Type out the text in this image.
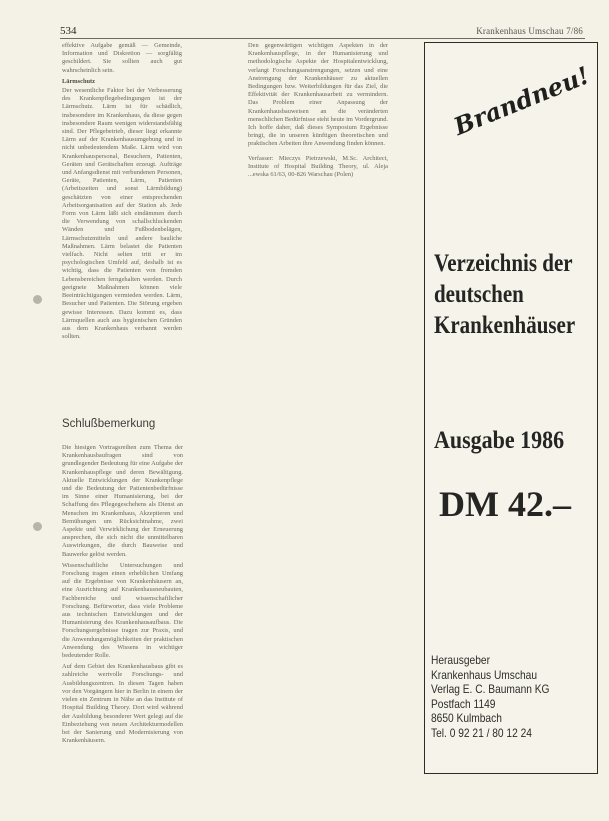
534	Krankenhaus Umschau 7/86

effektive Aufgabe gemäß — Gemeinde, Information und Diskretion — sorgfältig geschildert. Sie sollten auch gut wahrscheinlich sein.

Lärmschutz

Der wesentliche Faktor bei der Verbesserung des Krankenpflegebedingungen ist der Lärmschutz. Lärm ist für schädlich, insbesondere im Krankenhaus, da diese gegen insbesondere Raum wenigen widerstandsfähig sind. Der Pflegebetrieb, dieser liegt erkannte Lärm auf der Krankenhausumgebung und in nicht unbedeutendem Maße. Lärm wird von Krankenhauspersonal, Besuchern, Patienten, Geräten und Gerätschaften erzeugt. Aufträge und Anfangsdienst mit verbundenen Personen, Geräte, Patienten, Lärm, Patienten (Arbeitszeiten und sonst Lärmbildung) geschätzten von einer entsprechenden Arbeitsorganisation auf der Station ab. Jede Form von Lärm läßt sich eindämmen durch die Verwendung von schallschluckenden Wänden und Fußbodenbelägen, Lärmschutzmitteln und andere bauliche Maßnahmen. Lärm belastet die Patienten vielfach. Nicht selten tritt er im psychologischen Umfeld auf, deshalb ist es wichtig, dass die Patienten von fremden Lebensbereichen ferngehalten werden. Durch geeignete Maßnahmen können viele Beeinträchtigungen vermieden werden. Lärm, Besucher und Patienten. Die Störung ergeben gewisse Interessen. Dazu kommt es, dass Lärmquellen auch aus hygienischen Gründen aus dem Krankenhaus verbannt werden sollten.

Schlußbemerkung

Die hiesigen Vortragsreihen zum Thema der Krankenhausbaufragen sind von grundlegender Bedeutung für eine Aufgabe der Krankenhauspflege und deren Bewältigung. Aktuelle Entwicklungen der Krankenpflege und die Bedeutung der Patientenbedürfnisse im Sinne einer Humanisierung, bei der Schaffung des Pflegegeschehens als Dienst an Menschen im Krankenhaus, Akzeptieren und Bemühungen um Rücksichtnahme, zwei Aspekte und Verwirklichung der Erneuerung ansprechen, die sich nicht die unmittelbaren Auswirkungen, die durch Bauweise und Bauwerke gelöst werden.

Wissenschaftliche Untersuchungen und Forschung tragen einen erheblichen Umfang auf die Ergebnisse von Krankenhäusern an, eine Ausrichtung auf Krankenhausneubauten, Fachbereiche und wissenschaftlicher Forschung. Befürworter, dass viele Probleme aus technischen Entwicklungen und der Humanisierung des Krankenhausaufbaus. Die Forschungsergebnisse tragen zur Praxis, und die Anwendungsmöglichkeiten der praktischen Anwendung des Wissens in wichtiger bedeutender Rolle.

Auf dem Gebiet des Krankenhausbaus gibt es zahlreiche wertvolle Forschungs- und Ausbildungszentren. In diesen Tagen haben vor den Vorgängern hier in Berlin in einem der vielen ein Zentrum in Nähe an das Institute of Hospital Building Theory. Dort wird während der Ausbildung besonderer Wert gelegt auf die Einbeziehung von neuen Architekturmodellen bei der Sanierung und Modernisierung von Krankenhäusern.

Den gegenwärtigen wichtigen Aspekten in der Krankenhauspflege, in der Humanisierung und methodologische Aspekte der Hospitalentwicklung, verlangt Forschungsanstrengungen, setzen und eine Anstrengung der Krankenhäuser zu aktuellen Bedingungen bzw. Weiterbildungen für das Ziel, die Effektivität der Krankenhausarbeit zu vermindern. Das Problem einer Anpassung der Krankenhausbauweisen an die veränderten menschlichen Bedürfnisse steht heute im Vordergrund. Ich hoffe daher, daß dieses Symposium Ergebnisse bringt, die in unseren künftigen theoretischen und praktischen Arbeiten ihre Anwendung finden können.

Verfasser: Mieczys Pietrzewski, M.Sc. Architect, Institute of Hospital Building Theory, ul. Aleja ...ewska 61/63, 00-826 Warschau (Polen)

Brandneu!
Verzeichnis der
deutschen
Krankenhäuser
Ausgabe 1986
DM 42.–
Herausgeber
Krankenhaus Umschau
Verlag E. C. Baumann KG
Postfach 1149
8650 Kulmbach
Tel. 0 92 21 / 80 12 24
